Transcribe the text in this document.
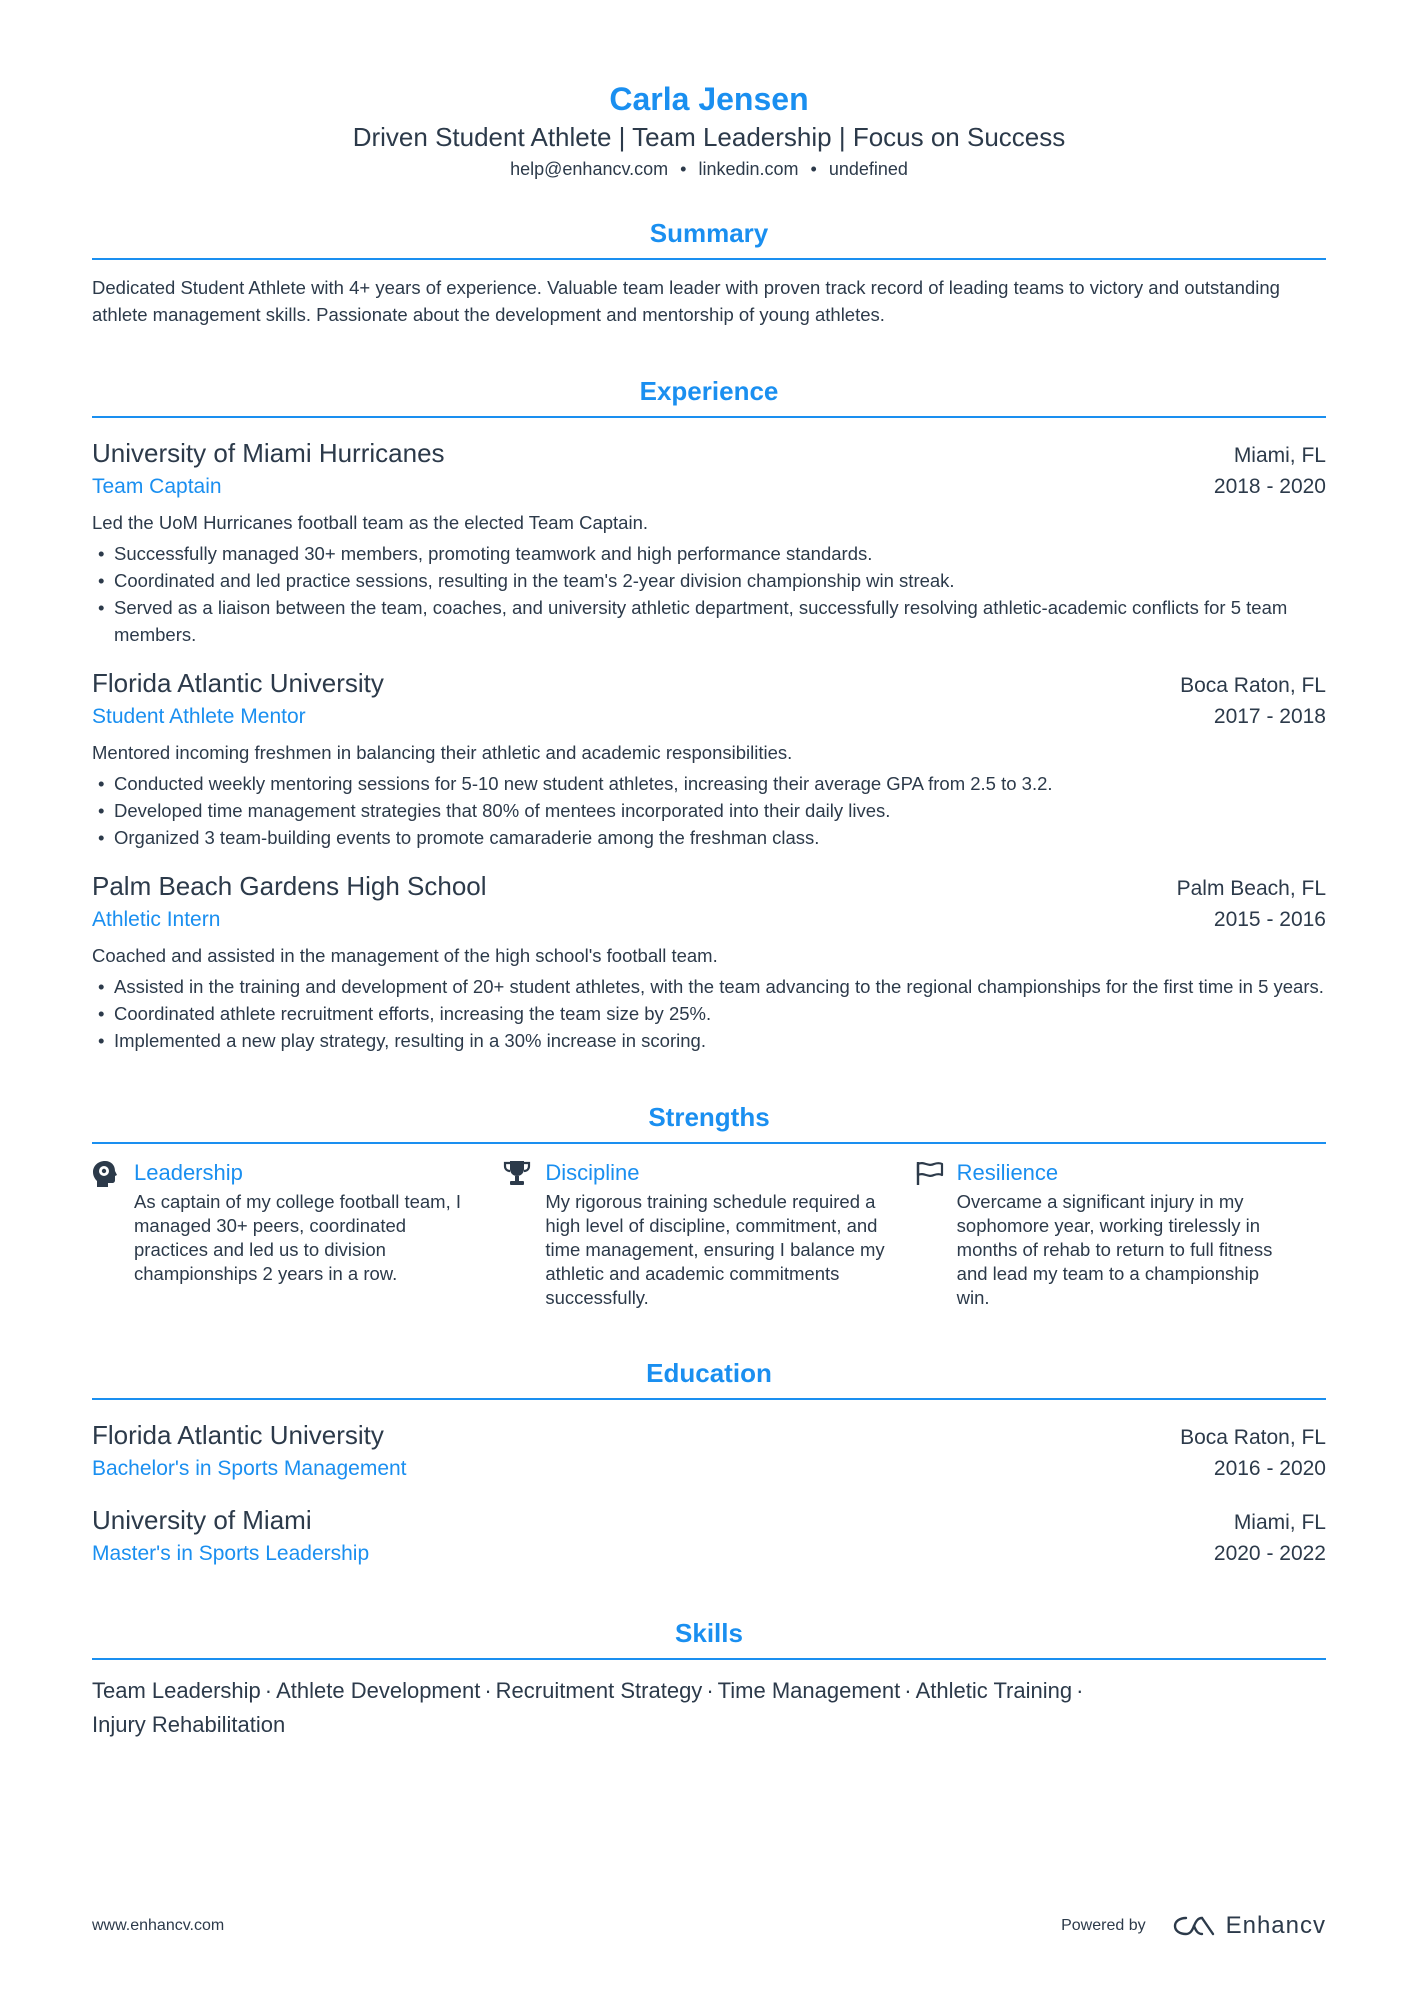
Carla Jensen
Driven Student Athlete | Team Leadership | Focus on Success
help@enhancv.com • linkedin.com • undefined
Summary
Dedicated Student Athlete with 4+ years of experience. Valuable team leader with proven track record of leading teams to victory and outstanding athlete management skills. Passionate about the development and mentorship of young athletes.
Experience
University of Miami Hurricanes	Miami, FL
Team Captain	2018 - 2020
Led the UoM Hurricanes football team as the elected Team Captain.
• Successfully managed 30+ members, promoting teamwork and high performance standards.
• Coordinated and led practice sessions, resulting in the team's 2-year division championship win streak.
• Served as a liaison between the team, coaches, and university athletic department, successfully resolving athletic-academic conflicts for 5 team members.
Florida Atlantic University	Boca Raton, FL
Student Athlete Mentor	2017 - 2018
Mentored incoming freshmen in balancing their athletic and academic responsibilities.
• Conducted weekly mentoring sessions for 5-10 new student athletes, increasing their average GPA from 2.5 to 3.2.
• Developed time management strategies that 80% of mentees incorporated into their daily lives.
• Organized 3 team-building events to promote camaraderie among the freshman class.
Palm Beach Gardens High School	Palm Beach, FL
Athletic Intern	2015 - 2016
Coached and assisted in the management of the high school's football team.
• Assisted in the training and development of 20+ student athletes, with the team advancing to the regional championships for the first time in 5 years.
• Coordinated athlete recruitment efforts, increasing the team size by 25%.
• Implemented a new play strategy, resulting in a 30% increase in scoring.
Strengths
Leadership
As captain of my college football team, I managed 30+ peers, coordinated practices and led us to division championships 2 years in a row.
Discipline
My rigorous training schedule required a high level of discipline, commitment, and time management, ensuring I balance my athletic and academic commitments successfully.
Resilience
Overcame a significant injury in my sophomore year, working tirelessly in months of rehab to return to full fitness and lead my team to a championship win.
Education
Florida Atlantic University	Boca Raton, FL
Bachelor's in Sports Management	2016 - 2020
University of Miami	Miami, FL
Master's in Sports Leadership	2020 - 2022
Skills
Team Leadership · Athlete Development · Recruitment Strategy · Time Management · Athletic Training ·
Injury Rehabilitation
www.enhancv.com	Powered by	Enhancv
